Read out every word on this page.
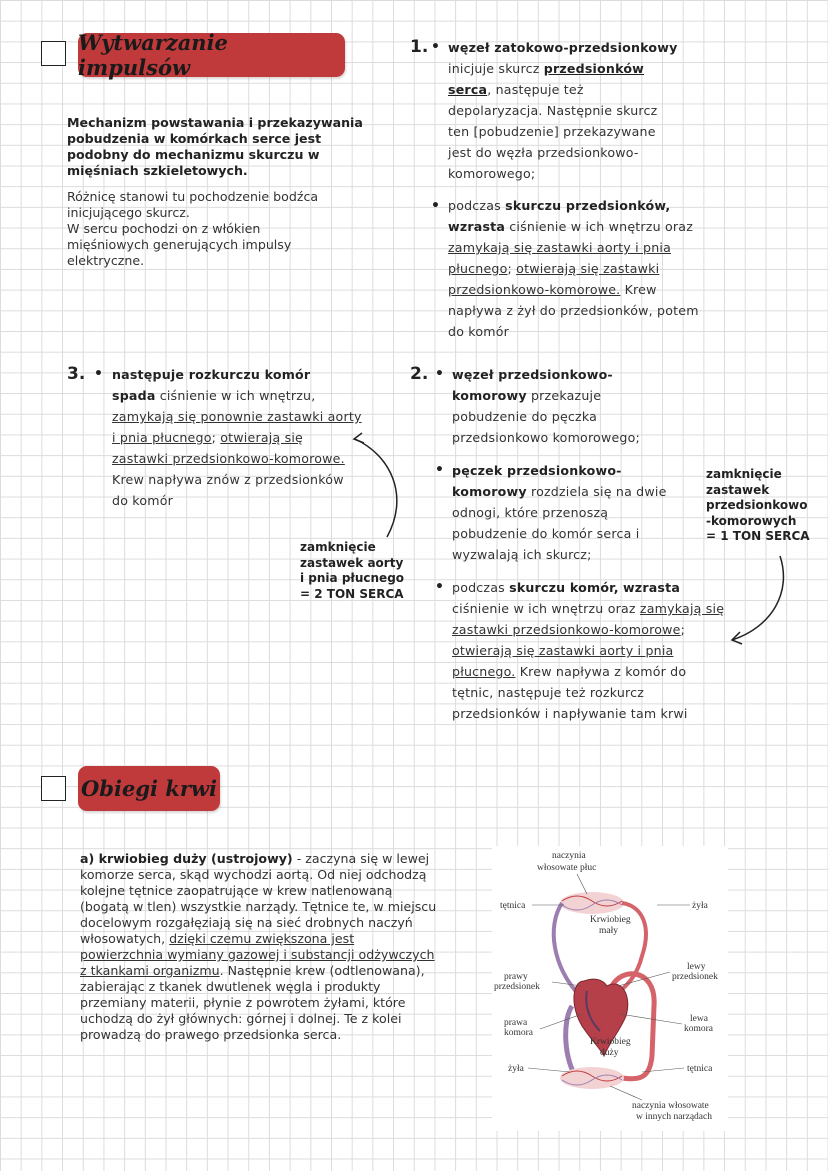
Wytwarzanie impulsów
Mechanizm powstawania i przekazywania pobudzenia w komórkach serce jest podobny do mechanizmu skurczu w mięśniach szkieletowych.
Różnicę stanowi tu pochodzenie bodźca inicjującego skurcz.
W sercu pochodzi on z włókien mięśniowych generujących impulsy elektryczne.
1. • węzeł zatokowo-przedsionkowy inicjuje skurcz przedsionków serca, następuje też depolaryzacja. Następnie skurcz ten [pobudzenie] przekazywane jest do węzła przedsionkowo-komorowego;
• podczas skurczu przedsionków, wzrasta ciśnienie w ich wnętrzu oraz zamykają się zastawki aorty i pnia płucnego; otwierają się zastawki przedsionkowo-komorowe. Krew napływa z żył do przedsionków, potem do komór
3. • następuje rozkurczu komór
spada ciśnienie w ich wnętrzu, zamykają się ponownie zastawki aorty i pnia płucnego; otwierają się zastawki przedsionkowo-komorowe. Krew napływa znów z przedsionków do komór
zamknięcie
zastawek aorty
i pnia płucnego
= 2 TON SERCA
2. • węzeł przedsionkowo-komorowy przekazuje pobudzenie do pęczka przedsionkowo komorowego;
• pęczek przedsionkowo-komorowy rozdziela się na dwie odnogi, które przenoszą pobudzenie do komór serca i wyzwalają ich skurcz;
• podczas skurczu komór, wzrasta ciśnienie w ich wnętrzu oraz zamykają się zastawki przedsionkowo-komorowe; otwierają się zastawki aorty i pnia płucnego. Krew napływa z komór do tętnic, następuje też rozkurcz przedsionków i napływanie tam krwi
zamknięcie
zastawek
przedsionkowo
-komorowych
= 1 TON SERCA
Obiegi krwi
a) krwiobieg duży (ustrojowy) - zaczyna się w lewej komorze serca, skąd wychodzi aortą. Od niej odchodzą kolejne tętnice zaopatrujące w krew natlenowaną (bogatą w tlen) wszystkie narządy. Tętnice te, w miejscu docelowym rozgałęziają się na sieć drobnych naczyń włosowatych, dzięki czemu zwiększona jest powierzchnia wymiany gazowej i substancji odżywczych z tkankami organizmu. Następnie krew (odtlenowana), zabierając z tkanek dwutlenek węgla i produkty przemiany materii, płynie z powrotem żyłami, które uchodzą do żył głównych: górnej i dolnej. Te z kolei prowadzą do prawego przedsionka serca.
naczynia
włosowate płuc
tętnica	żyła
Krwiobieg
mały
lewy
przedsionek
prawy
przedsionek
prawa
komora
lewa
komora
Krwiobieg
duży
żyła	tętnica
naczynia włosowate
w innych narządach
